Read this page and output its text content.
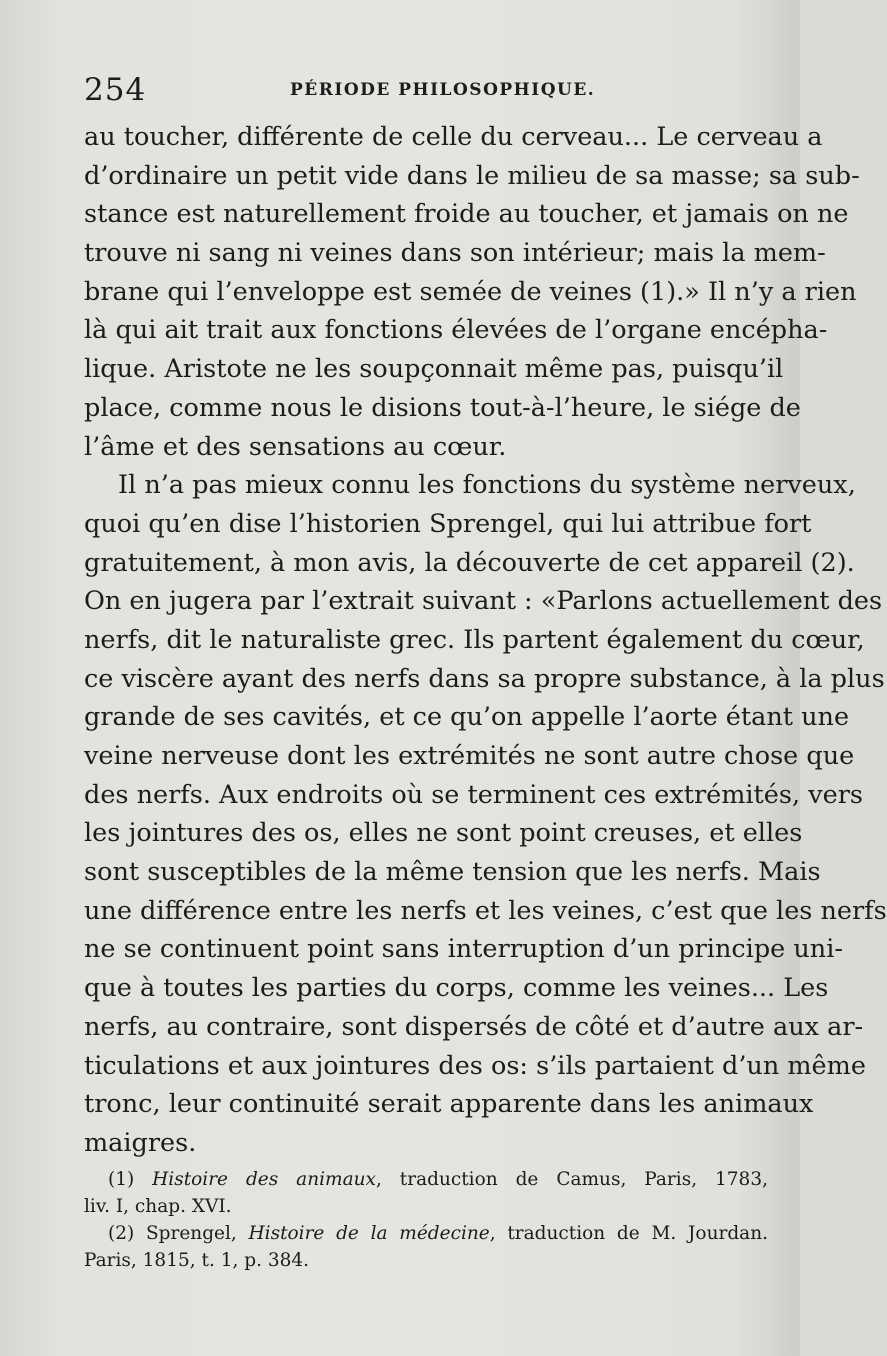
254	PÉRIODE PHILOSOPHIQUE.
au toucher, différente de celle du cerveau... Le cerveau a
d’ordinaire un petit vide dans le milieu de sa masse; sa sub-
stance est naturellement froide au toucher, et jamais on ne
trouve ni sang ni veines dans son intérieur; mais la mem-
brane qui l’enveloppe est semée de veines (1).» Il n’y a rien
là qui ait trait aux fonctions élevées de l’organe encépha-
lique. Aristote ne les soupçonnait même pas, puisqu’il
place, comme nous le disions tout-à-l’heure, le siége de
l’âme et des sensations au cœur.
Il n’a pas mieux connu les fonctions du système nerveux,
quoi qu’en dise l’historien Sprengel, qui lui attribue fort
gratuitement, à mon avis, la découverte de cet appareil (2).
On en jugera par l’extrait suivant : «Parlons actuellement des
nerfs, dit le naturaliste grec. Ils partent également du cœur,
ce viscère ayant des nerfs dans sa propre substance, à la plus
grande de ses cavités, et ce qu’on appelle l’aorte étant une
veine nerveuse dont les extrémités ne sont autre chose que
des nerfs. Aux endroits où se terminent ces extrémités, vers
les jointures des os, elles ne sont point creuses, et elles
sont susceptibles de la même tension que les nerfs. Mais
une différence entre les nerfs et les veines, c’est que les nerfs
ne se continuent point sans interruption d’un principe uni-
que à toutes les parties du corps, comme les veines... Les
nerfs, au contraire, sont dispersés de côté et d’autre aux ar-
ticulations et aux jointures des os: s’ils partaient d’un même
tronc, leur continuité serait apparente dans les animaux
maigres.
(1) Histoire des animaux, traduction de Camus, Paris, 1783,
liv. I, chap. XVI.
(2) Sprengel, Histoire de la médecine, traduction de M. Jourdan.
Paris, 1815, t. 1, p. 384.
